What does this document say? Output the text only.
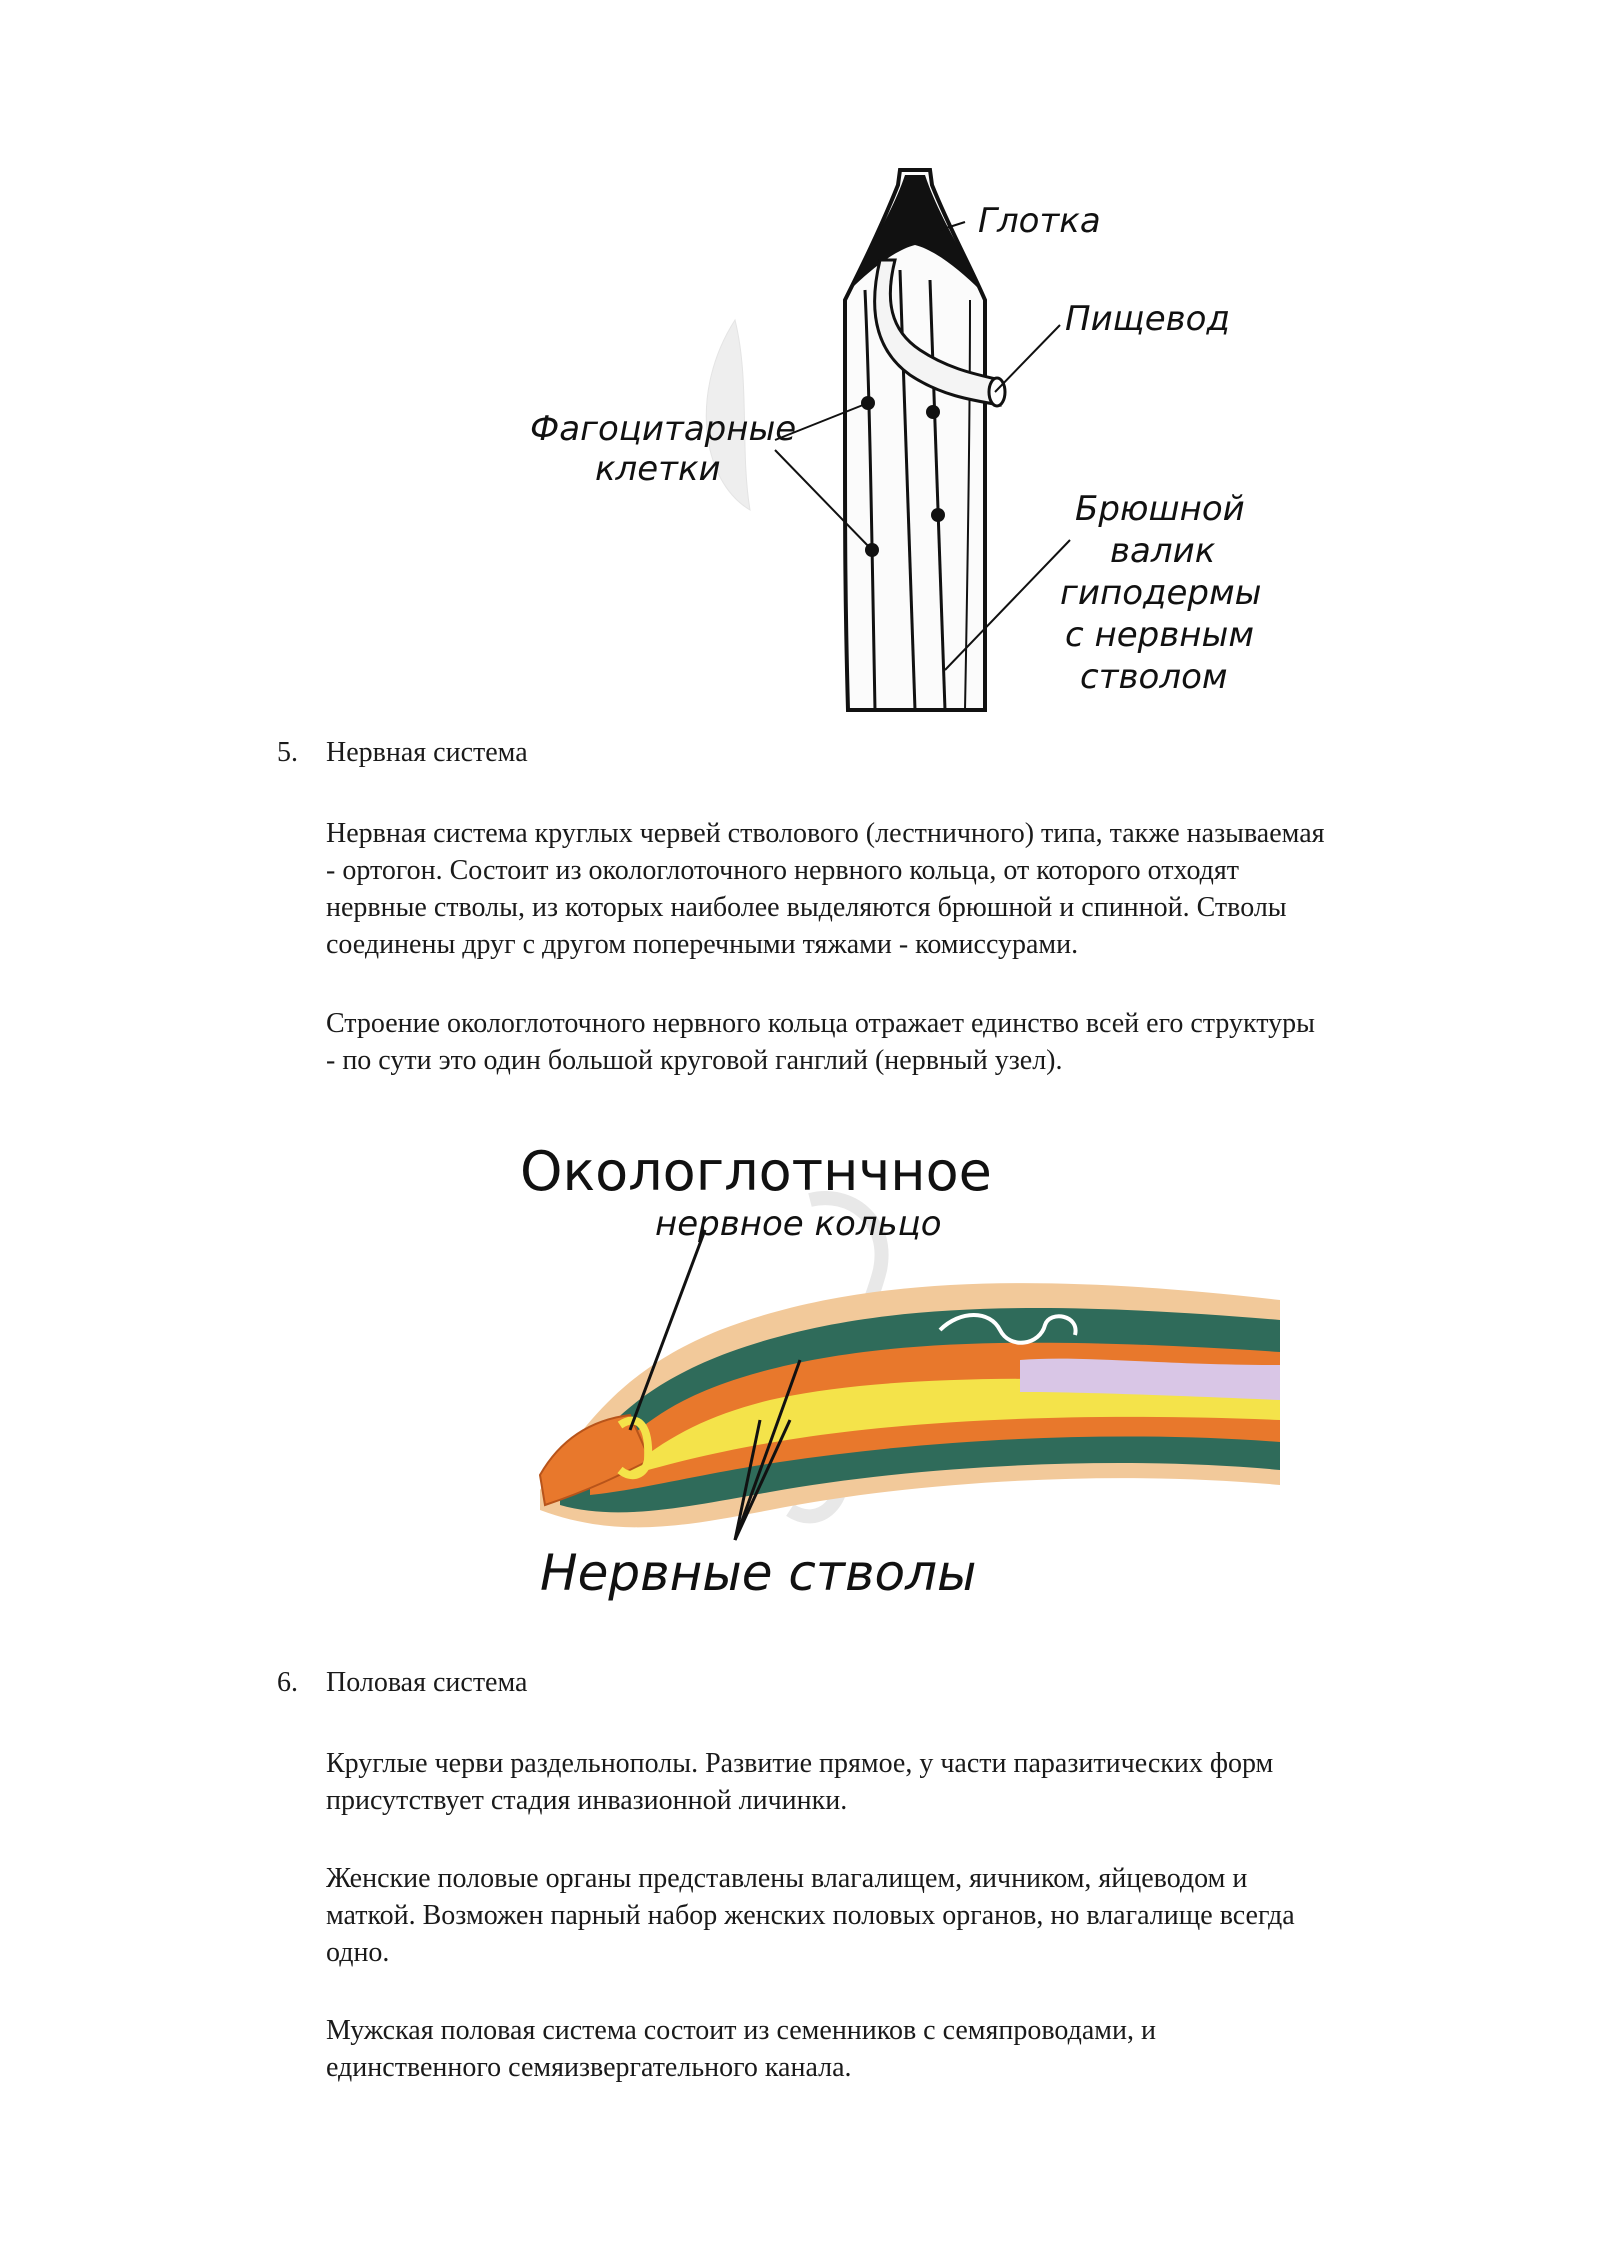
Глотка
Пищевод
Фагоцитарные
клетки
Брюшной
валик
гиподермы
с нервным
стволом
5. Нервная система

Нервная система круглых червей стволового (лестничного) типа, также называемая
- ортогон. Состоит из окологлоточного нервного кольца, от которого отходят
нервные стволы, из которых наиболее выделяются брюшной и спинной. Стволы
соединены друг с другом поперечными тяжами - комиссурами.

Строение окологлоточного нервного кольца отражает единство всей его структуры
- по сути это один большой круговой ганглий (нервный узел).

Окологлотнчное
нервное кольцо
Нервные стволы
6. Половая система

Круглые черви раздельнополы. Развитие прямое, у части паразитических форм
присутствует стадия инвазионной личинки.

Женские половые органы представлены влагалищем, яичником, яйцеводом и
маткой. Возможен парный набор женских половых органов, но влагалище всегда
одно.

Мужская половая система состоит из семенников с семяпроводами, и
единственного семяизвергательного канала.
